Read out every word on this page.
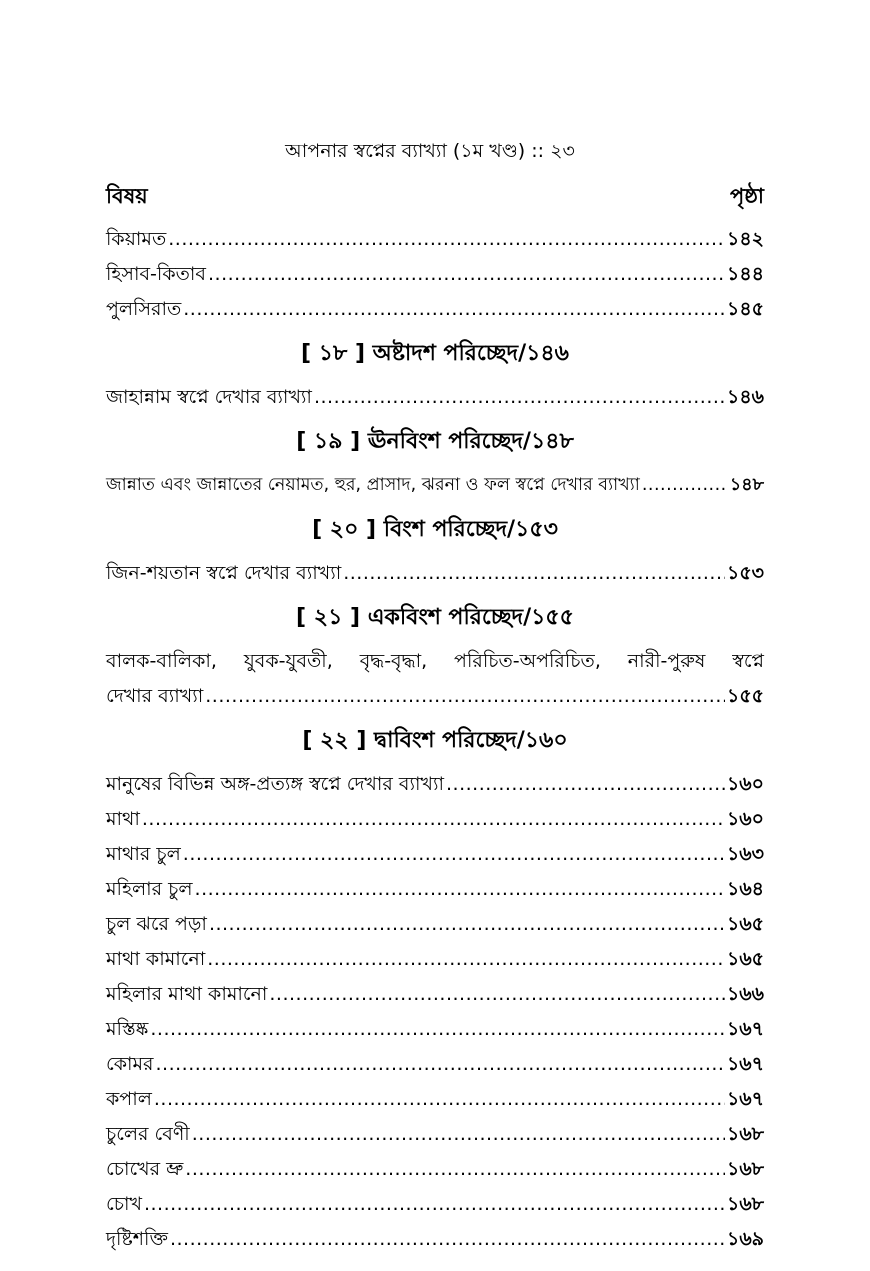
আপনার স্বপ্নের ব্যাখ্যা (১ম খণ্ড) :: ২৩
বিষয়	পৃষ্ঠা
কিয়ামত .....	১৪২
হিসাব-কিতাব .....	১৪৪
পুলসিরাত .....	১৪৫
[ ১৮ ] অষ্টাদশ পরিচ্ছেদ/১৪৬
জাহান্নাম স্বপ্নে দেখার ব্যাখ্যা .....	১৪৬
[ ১৯ ] ঊনবিংশ পরিচ্ছেদ/১৪৮
জান্নাত এবং জান্নাতের নেয়ামত, হুর, প্রাসাদ, ঝরনা ও ফল স্বপ্নে দেখার ব্যাখ্যা .....	১৪৮
[ ২০ ] বিংশ পরিচ্ছেদ/১৫৩
জিন-শয়তান স্বপ্নে দেখার ব্যাখ্যা .....	১৫৩
[ ২১ ] একবিংশ পরিচ্ছেদ/১৫৫
বালক-বালিকা, যুবক-যুবতী, বৃদ্ধ-বৃদ্ধা, পরিচিত-অপরিচিত, নারী-পুরুষ স্বপ্নে
দেখার ব্যাখ্যা .....	১৫৫
[ ২২ ] দ্বাবিংশ পরিচ্ছেদ/১৬০
মানুষের বিভিন্ন অঙ্গ-প্রত্যঙ্গ স্বপ্নে দেখার ব্যাখ্যা .....	১৬০
মাথা .....	১৬০
মাথার চুল .....	১৬৩
মহিলার চুল .....	১৬৪
চুল ঝরে পড়া .....	১৬৫
মাথা কামানো .....	১৬৫
মহিলার মাথা কামানো .....	১৬৬
মস্তিষ্ক .....	১৬৭
কোমর .....	১৬৭
কপাল .....	১৬৭
চুলের বেণী .....	১৬৮
চোখের ভ্রু .....	১৬৮
চোখ .....	১৬৮
দৃষ্টিশক্তি .....	১৬৯
